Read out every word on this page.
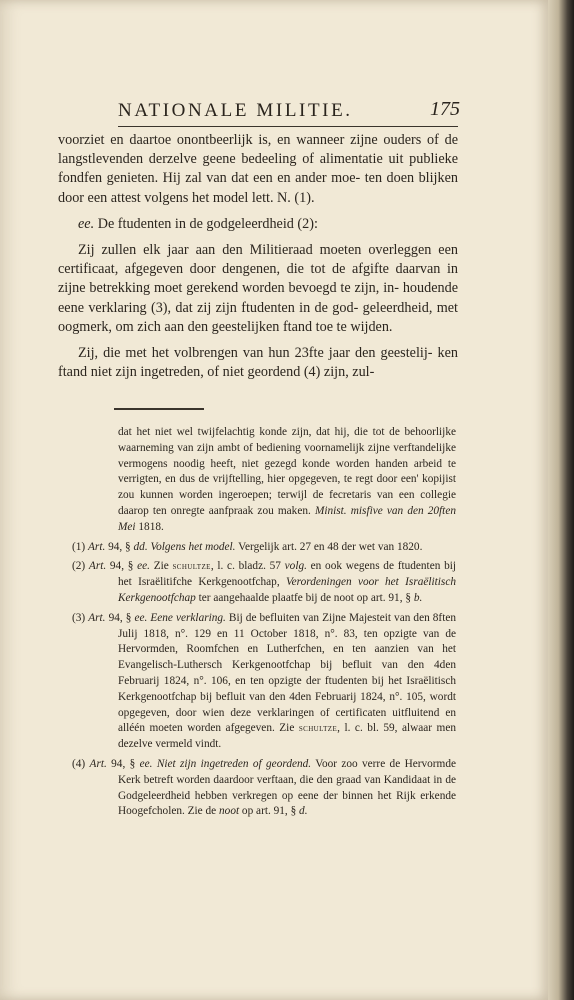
NATIONALE MILITIE.	175

voorziet en daartoe onontbeerlijk is, en wanneer zijne ouders of de langstlevenden derzelve geene bedeeling of alimentatie uit publieke fondfen genieten. Hij zal van dat een en ander moe- ten doen blijken door een attest volgens het model lett. N. (1).

ee. De ftudenten in de godgeleerdheid (2):

Zij zullen elk jaar aan den Militieraad moeten overleggen een certificaat, afgegeven door dengenen, die tot de afgifte daarvan in zijne betrekking moet gerekend worden bevoegd te zijn, in- houdende eene verklaring (3), dat zij zijn ftudenten in de god- geleerdheid, met oogmerk, om zich aan den geestelijken ftand toe te wijden.

Zij, die met het volbrengen van hun 23fte jaar den geestelij- ken ftand niet zijn ingetreden, of niet geordend (4) zijn, zul-

dat het niet wel twijfelachtig konde zijn, dat hij, die tot de behoorlijke waarneming van zijn ambt of bediening voornamelijk zijne verftandelijke vermogens noodig heeft, niet gezegd konde worden handen arbeid te verrigten, en dus de vrijftelling, hier opgegeven, te regt door een' kopijist zou kunnen worden ingeroepen; terwijl de fecretaris van een collegie daarop ten onregte aanfpraak zou maken. Minist. misfive van den 20ften Mei 1818.

(1) Art. 94, § dd. Volgens het model. Vergelijk art. 27 en 48 der wet van 1820.

(2) Art. 94, § ee. Zie schultze, l. c. bladz. 57 volg. en ook wegens de ftudenten bij het Israëlitifche Kerkgenootfchap, Verordeningen voor het Israëlitisch Kerkgenootfchap ter aangehaalde plaatfe bij de noot op art. 91, § b.

(3) Art. 94, § ee. Eene verklaring. Bij de befluiten van Zijne Majesteit van den 8ften Julij 1818, n°. 129 en 11 October 1818, n°. 83, ten opzigte van de Hervormden, Roomfchen en Lutherfchen, en ten aanzien van het Evangelisch-Luthersch Kerkgenootfchap bij befluit van den 4den Februarij 1824, n°. 106, en ten opzigte der ftudenten bij het Israëlitisch Kerkgenootfchap bij befluit van den 4den Februarij 1824, n°. 105, wordt opgegeven, door wien deze verklaringen of certificaten uitfluitend en alléén moeten worden afgegeven. Zie schultze, l. c. bl. 59, alwaar men dezelve vermeld vindt.

(4) Art. 94, § ee. Niet zijn ingetreden of geordend. Voor zoo verre de Hervormde Kerk betreft worden daardoor verftaan, die den graad van Kandidaat in de Godgeleerdheid hebben verkregen op eene der binnen het Rijk erkende Hoogefcholen. Zie de noot op art. 91, § d.
